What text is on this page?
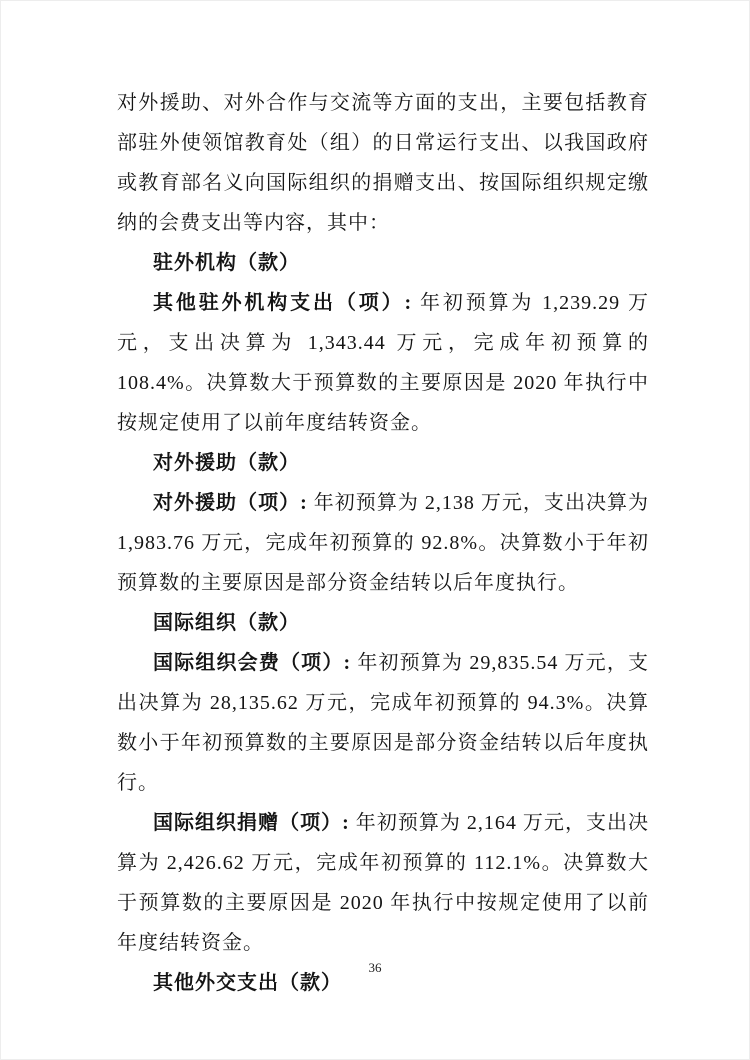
对外援助、对外合作与交流等方面的支出，主要包括教育部驻外使领馆教育处（组）的日常运行支出、以我国政府或教育部名义向国际组织的捐赠支出、按国际组织规定缴纳的会费支出等内容，其中：

驻外机构（款）

其他驻外机构支出（项）: 年初预算为 1,239.29 万元，支出决算为 1,343.44 万元，完成年初预算的 108.4%。决算数大于预算数的主要原因是 2020 年执行中按规定使用了以前年度结转资金。

对外援助（款）

对外援助（项）: 年初预算为 2,138 万元，支出决算为 1,983.76 万元，完成年初预算的 92.8%。决算数小于年初预算数的主要原因是部分资金结转以后年度执行。

国际组织（款）

国际组织会费（项）: 年初预算为 29,835.54 万元，支出决算为 28,135.62 万元，完成年初预算的 94.3%。决算数小于年初预算数的主要原因是部分资金结转以后年度执行。

国际组织捐赠（项）: 年初预算为 2,164 万元，支出决算为 2,426.62 万元，完成年初预算的 112.1%。决算数大于预算数的主要原因是 2020 年执行中按规定使用了以前年度结转资金。

其他外交支出（款）

36
